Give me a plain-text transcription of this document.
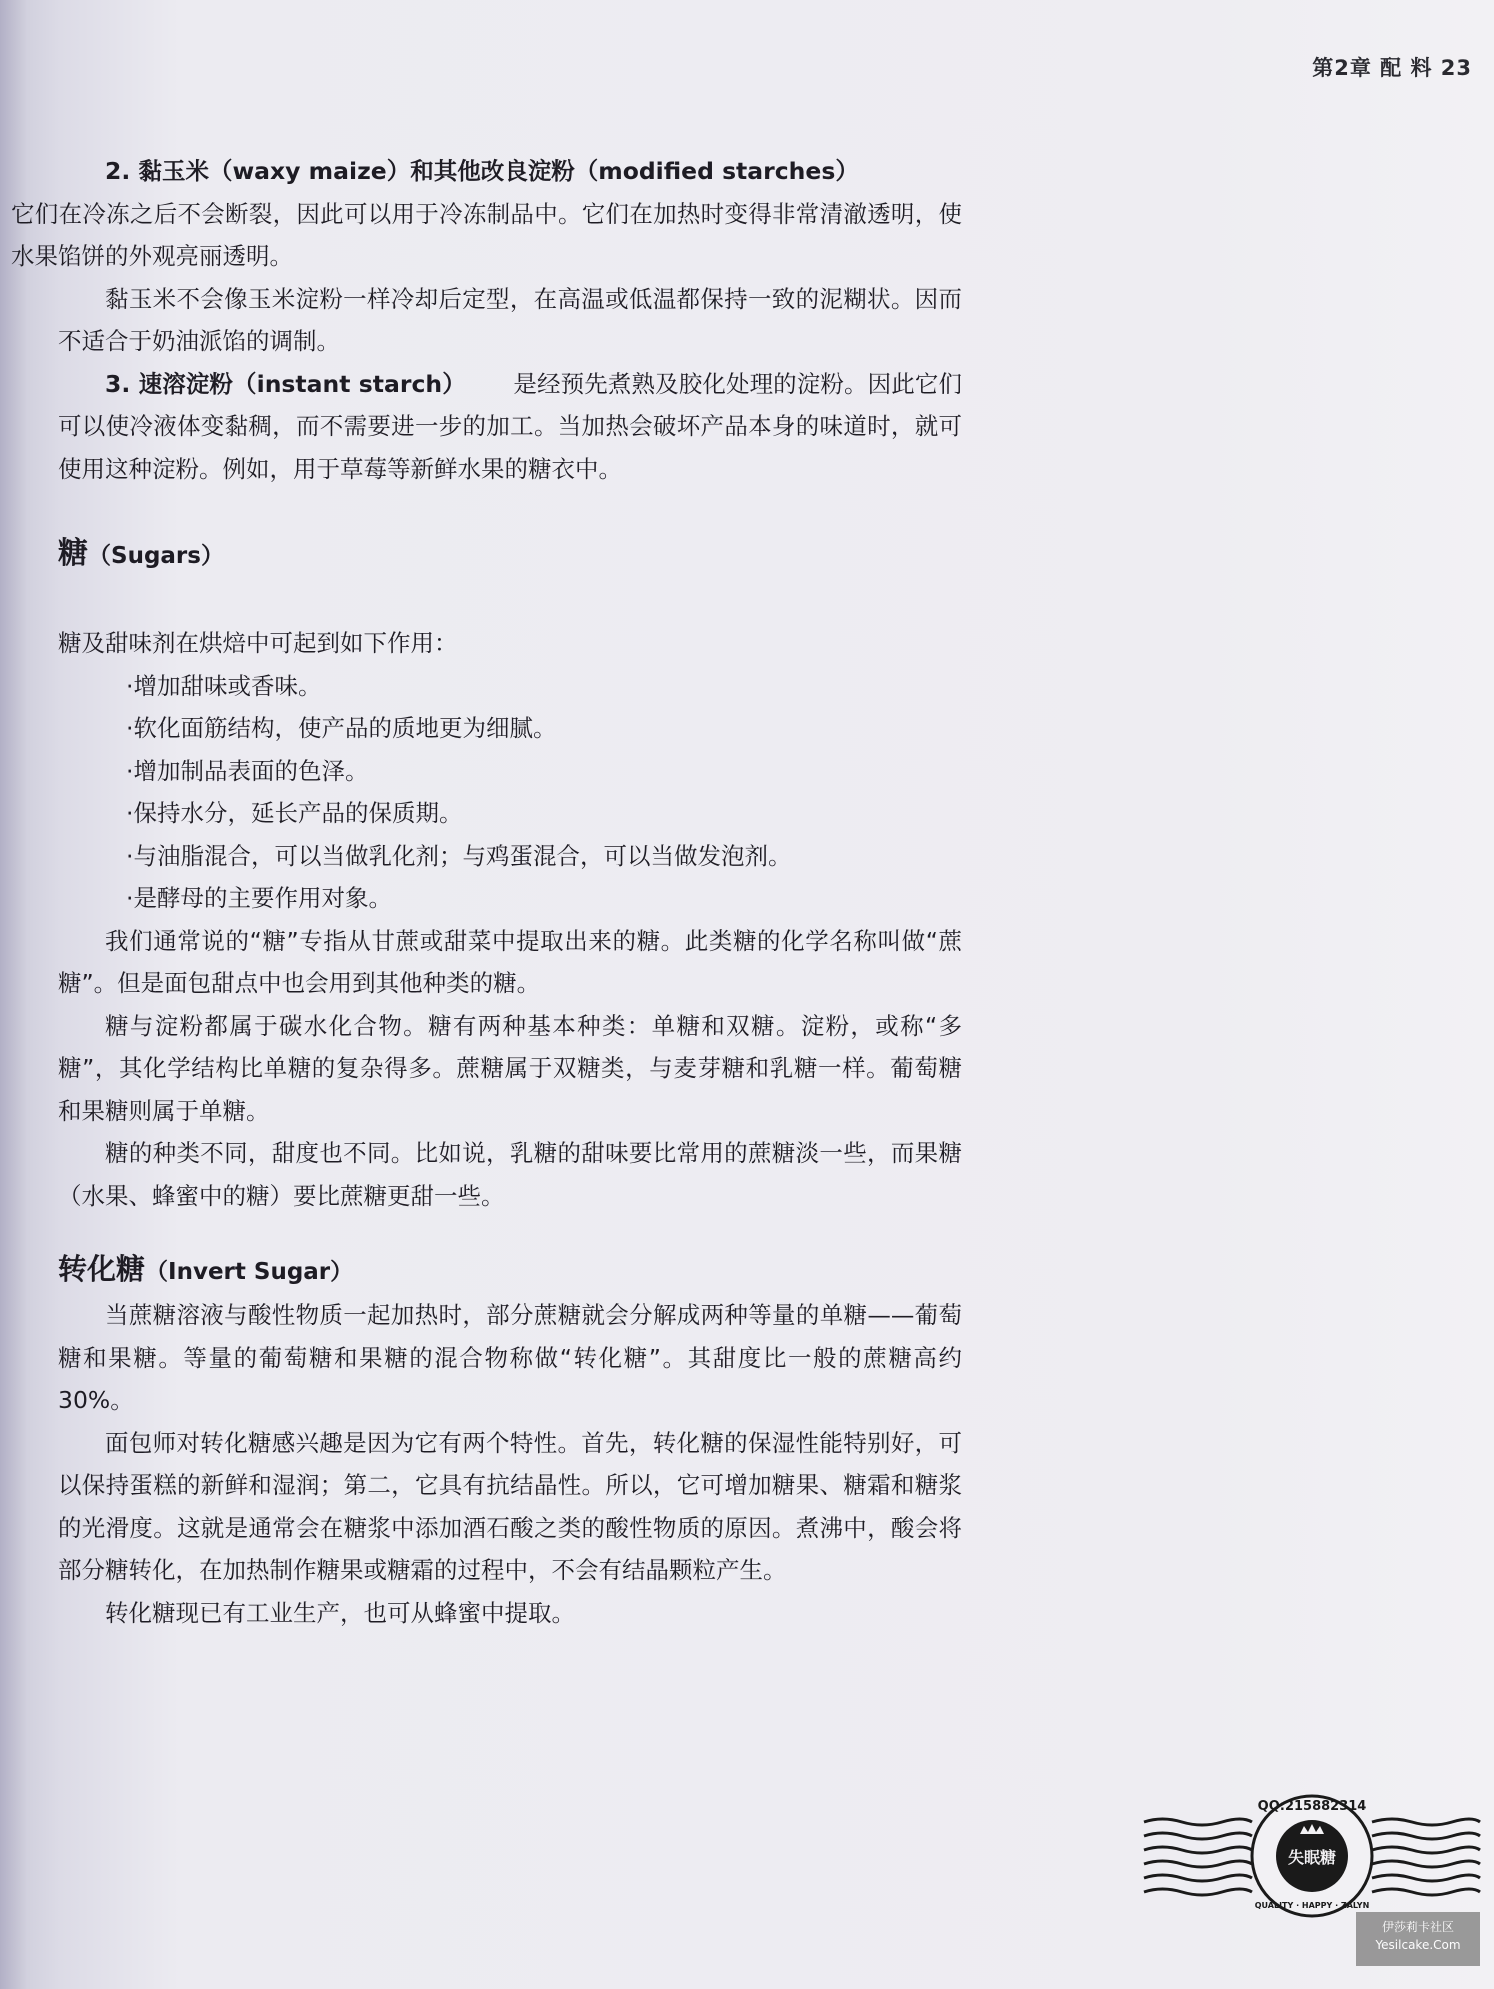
第2章 配 料 23

2. 黏玉米（waxy maize）和其他改良淀粉（modified starches）

它们在冷冻之后不会断裂，因此可以用于冷冻制品中。它们在加热时变得非常清澈透明，使水果馅饼的外观亮丽透明。

黏玉米不会像玉米淀粉一样冷却后定型，在高温或低温都保持一致的泥糊状。因而不适合于奶油派馅的调制。

3. 速溶淀粉（instant starch） 是经预先煮熟及胶化处理的淀粉。因此它们可以使冷液体变黏稠，而不需要进一步的加工。当加热会破坏产品本身的味道时，就可使用这种淀粉。例如，用于草莓等新鲜水果的糖衣中。

糖（Sugars）

糖及甜味剂在烘焙中可起到如下作用：

·增加甜味或香味。

·软化面筋结构，使产品的质地更为细腻。

·增加制品表面的色泽。

·保持水分，延长产品的保质期。

·与油脂混合，可以当做乳化剂；与鸡蛋混合，可以当做发泡剂。

·是酵母的主要作用对象。

我们通常说的“糖”专指从甘蔗或甜菜中提取出来的糖。此类糖的化学名称叫做“蔗糖”。但是面包甜点中也会用到其他种类的糖。

糖与淀粉都属于碳水化合物。糖有两种基本种类：单糖和双糖。淀粉，或称“多糖”，其化学结构比单糖的复杂得多。蔗糖属于双糖类，与麦芽糖和乳糖一样。葡萄糖和果糖则属于单糖。

糖的种类不同，甜度也不同。比如说，乳糖的甜味要比常用的蔗糖淡一些，而果糖（水果、蜂蜜中的糖）要比蔗糖更甜一些。

转化糖（Invert Sugar）

当蔗糖溶液与酸性物质一起加热时，部分蔗糖就会分解成两种等量的单糖——葡萄糖和果糖。等量的葡萄糖和果糖的混合物称做“转化糖”。其甜度比一般的蔗糖高约30%。

面包师对转化糖感兴趣是因为它有两个特性。首先，转化糖的保湿性能特别好，可以保持蛋糕的新鲜和湿润；第二，它具有抗结晶性。所以，它可增加糖果、糖霜和糖浆的光滑度。这就是通常会在糖浆中添加酒石酸之类的酸性物质的原因。煮沸中，酸会将部分糖转化，在加热制作糖果或糖霜的过程中，不会有结晶颗粒产生。

转化糖现已有工业生产，也可从蜂蜜中提取。

QQ:215882314
失眠糖
QUALITY · HAPPY · ZALYN
伊莎莉卡社区
Yesilcake.Com
